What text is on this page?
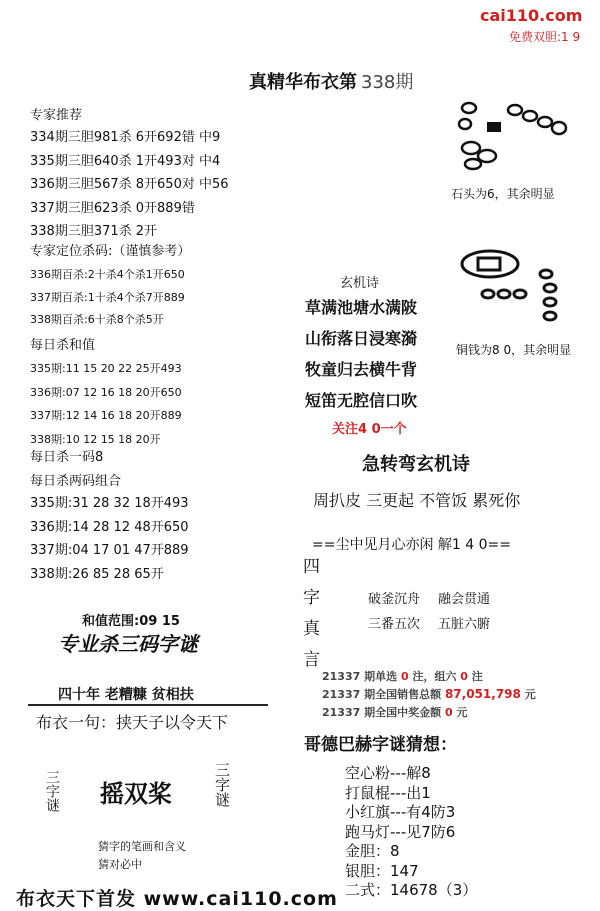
cai110.com
免费双胆:1 9
真精华布衣第 338期
专家推荐
334期三胆981杀 6开692错 中9
335期三胆640杀 1开493对 中4
336期三胆567杀 8开650对 中56
337期三胆623杀 0开889错
338期三胆371杀 2开
专家定位杀码:（谨慎参考）
336期百杀:2十杀4个杀1开650
337期百杀:1十杀4个杀7开889
338期百杀:6十杀8个杀5开
每日杀和值
335期:11 15 20 22 25开493
336期:07 12 16 18 20开650
337期:12 14 16 18 20开889
338期:10 12 15 18 20开
每日杀一码8
每日杀两码组合
335期:31 28 32 18开493
336期:14 28 12 48开650
337期:04 17 01 47开889
338期:26 85 28 65开
和值范围:09 15
专业杀三码字谜
四十年 老糟糠 贫相扶
布衣一句：挟天子以令天下
三字谜 摇双桨	三字谜
猜字的笔画和含义
猜对必中
布衣天下首发 www.cai110.com
石头为6，其余明显
铜钱为8 0，其余明显
玄机诗
草满池塘水满陂
山衔落日浸寒漪
牧童归去横牛背
短笛无腔信口吹
关注4 0一个
急转弯玄机诗
周扒皮 三更起 不管饭 累死你
==尘中见月心亦闲 解1 4 0==
四
字
真
言
破釜沉舟 融会贯通
三番五次 五脏六腑
21337 期单选 0 注，组六 0 注
21337 期全国销售总额 87,051,798 元
21337 期全国中奖金额 0 元
哥德巴赫字谜猜想：
空心粉---解8
打鼠棍---出1
小红旗---有4防3
跑马灯---见7防6
金胆：8
银胆：147
二式：14678（3）
